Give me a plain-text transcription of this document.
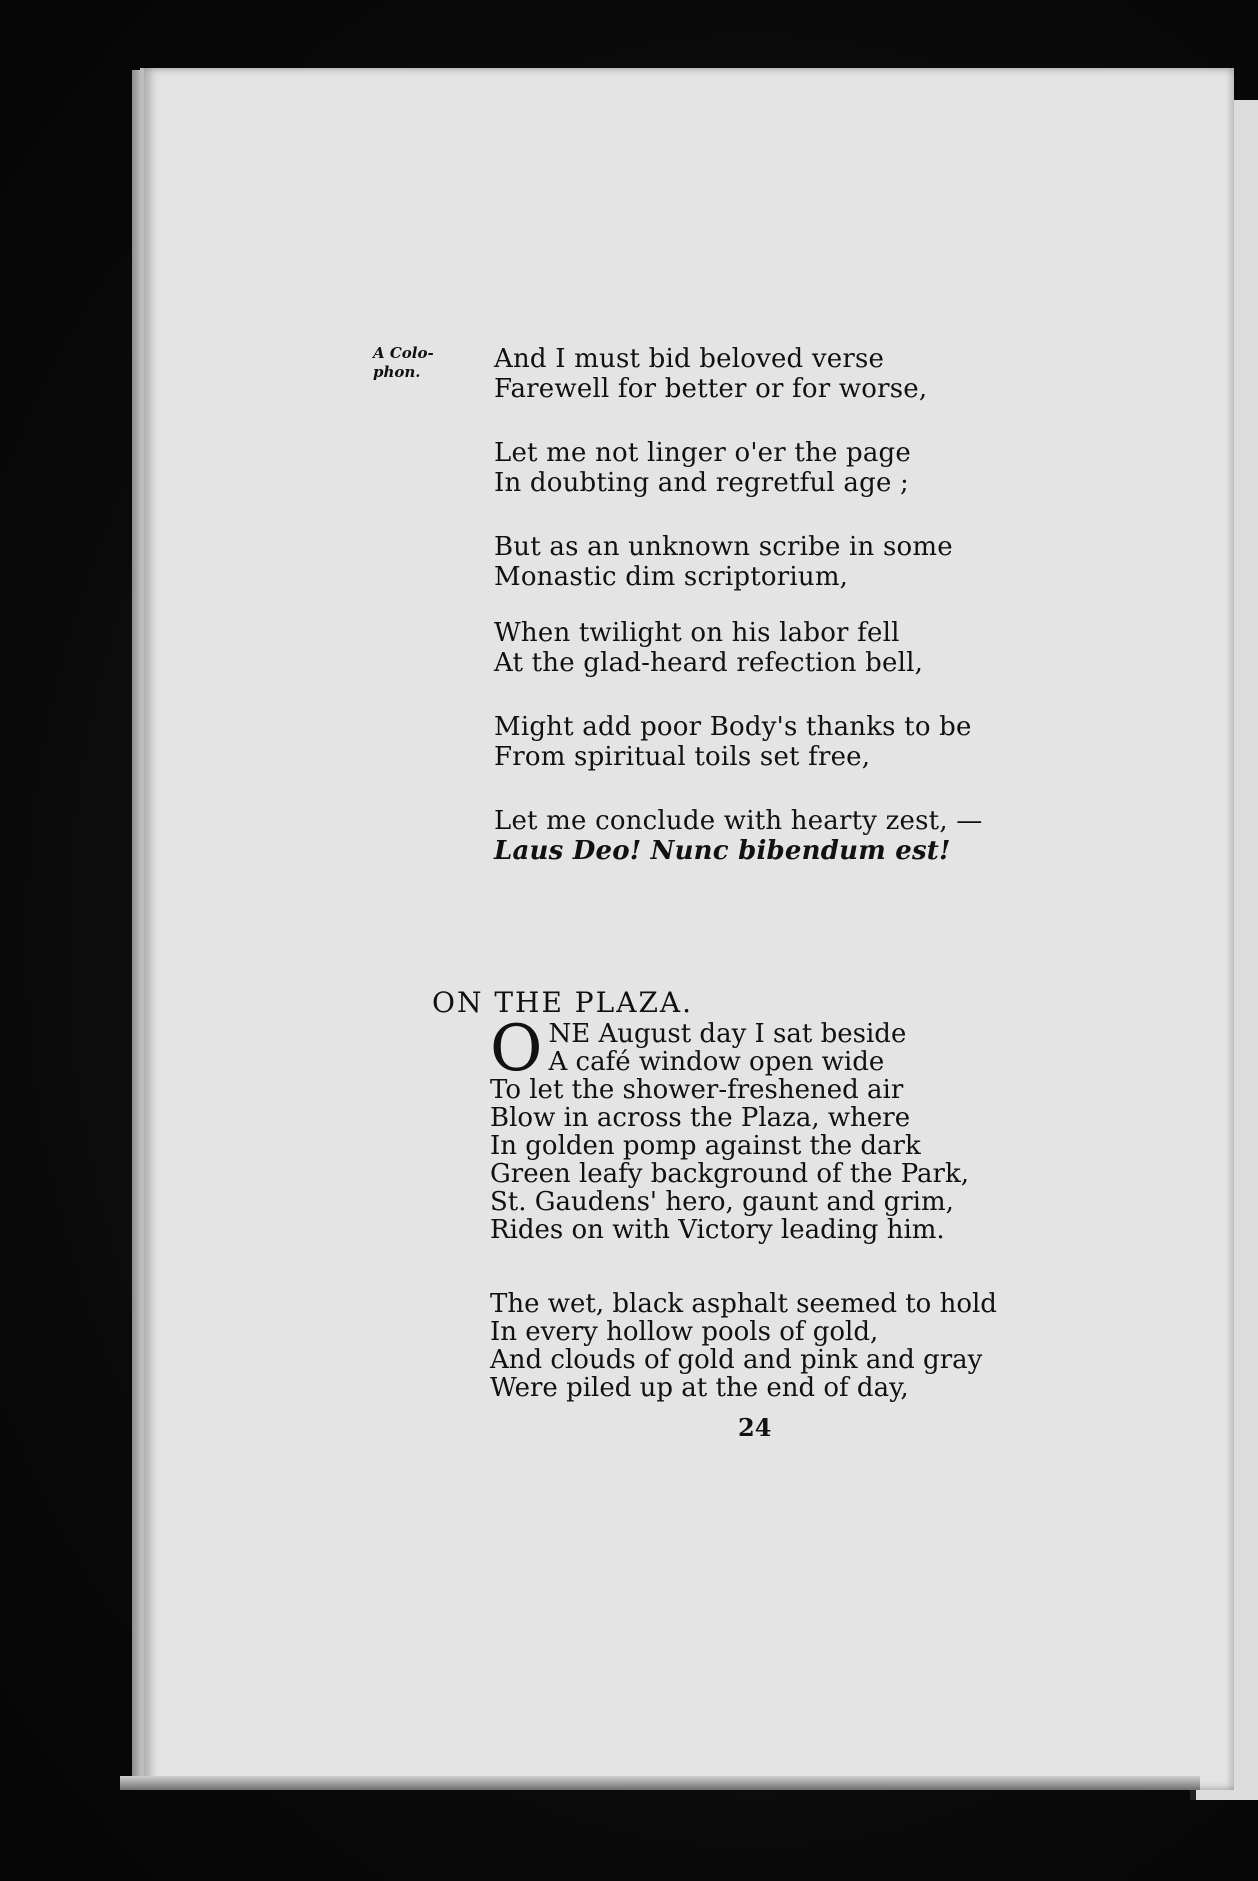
A Colo-
phon.	And I must bid beloved verse
Farewell for better or for worse,
Let me not linger o'er the page
In doubting and regretful age ;
But as an unknown scribe in some
Monastic dim scriptorium,
When twilight on his labor fell
At the glad-heard refection bell,
Might add poor Body's thanks to be
From spiritual toils set free,
Let me conclude with hearty zest, —
Laus Deo! Nunc bibendum est!
ON THE PLAZA.
O NE August day I sat beside
A café window open wide
To let the shower-freshened air
Blow in across the Plaza, where
In golden pomp against the dark
Green leafy background of the Park,
St. Gaudens' hero, gaunt and grim,
Rides on with Victory leading him.
The wet, black asphalt seemed to hold
In every hollow pools of gold,
And clouds of gold and pink and gray
Were piled up at the end of day,
24
